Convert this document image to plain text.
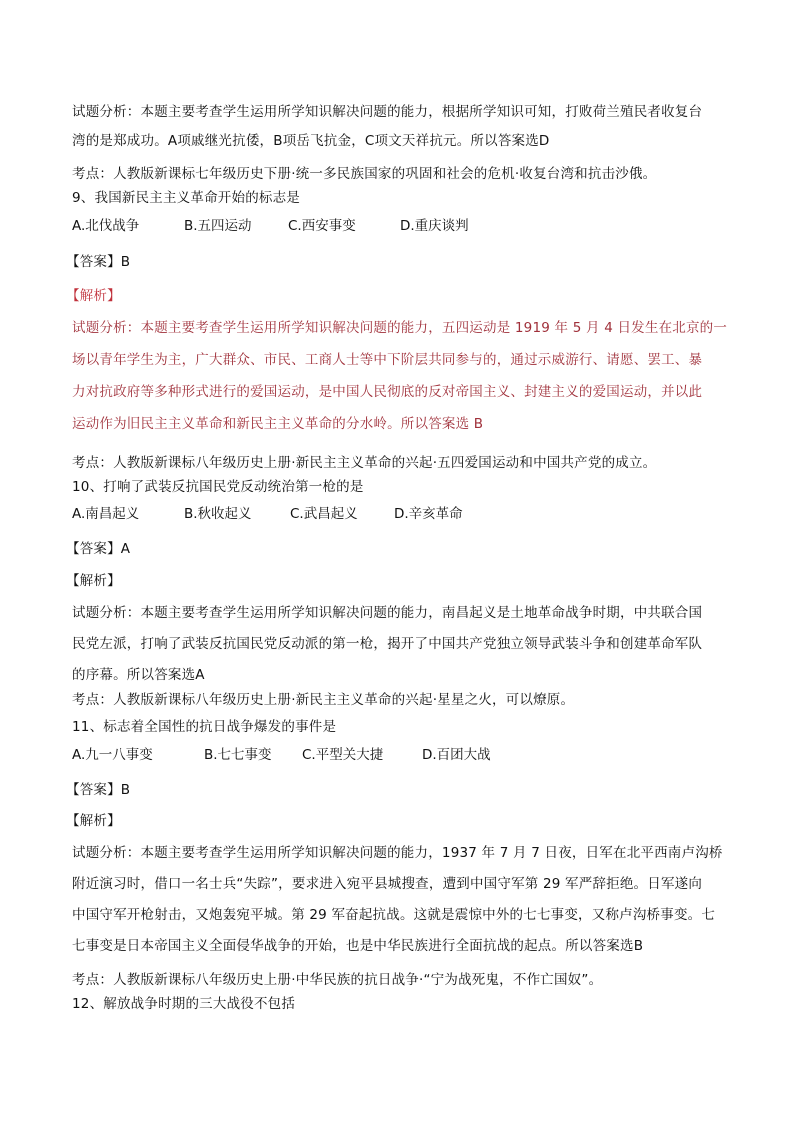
试题分析：本题主要考查学生运用所学知识解决问题的能力，根据所学知识可知，打败荷兰殖民者收复台
湾的是郑成功。A项戚继光抗倭，B项岳飞抗金，C项文天祥抗元。所以答案选D
考点：人教版新课标七年级历史下册·统一多民族国家的巩固和社会的危机·收复台湾和抗击沙俄。
9、我国新民主主义革命开始的标志是
A.北伐战争	B.五四运动	C.西安事变	D.重庆谈判
【答案】B
【解析】
试题分析：本题主要考查学生运用所学知识解决问题的能力，五四运动是 1919 年 5 月 4 日发生在北京的一
场以青年学生为主，广大群众、市民、工商人士等中下阶层共同参与的，通过示威游行、请愿、罢工、暴
力对抗政府等多种形式进行的爱国运动，是中国人民彻底的反对帝国主义、封建主义的爱国运动，并以此
运动作为旧民主主义革命和新民主主义革命的分水岭。所以答案选 B
考点：人教版新课标八年级历史上册·新民主主义革命的兴起·五四爱国运动和中国共产党的成立。
10、打响了武装反抗国民党反动统治第一枪的是
A.南昌起义	B.秋收起义	C.武昌起义	D.辛亥革命
【答案】A
【解析】
试题分析：本题主要考查学生运用所学知识解决问题的能力，南昌起义是土地革命战争时期，中共联合国
民党左派，打响了武装反抗国民党反动派的第一枪，揭开了中国共产党独立领导武装斗争和创建革命军队
的序幕。所以答案选A
考点：人教版新课标八年级历史上册·新民主主义革命的兴起·星星之火，可以燎原。
11、标志着全国性的抗日战争爆发的事件是
A.九一八事变	B.七七事变 C.平型关大捷	D.百团大战
【答案】B
【解析】
试题分析：本题主要考查学生运用所学知识解决问题的能力，1937 年 7 月 7 日夜，日军在北平西南卢沟桥
附近演习时，借口一名士兵“失踪”，要求进入宛平县城搜查，遭到中国守军第 29 军严辞拒绝。日军遂向
中国守军开枪射击，又炮轰宛平城。第 29 军奋起抗战。这就是震惊中外的七七事变，又称卢沟桥事变。七
七事变是日本帝国主义全面侵华战争的开始，也是中华民族进行全面抗战的起点。所以答案选B
考点：人教版新课标八年级历史上册·中华民族的抗日战争·“宁为战死鬼，不作亡国奴”。
12、解放战争时期的三大战役不包括
